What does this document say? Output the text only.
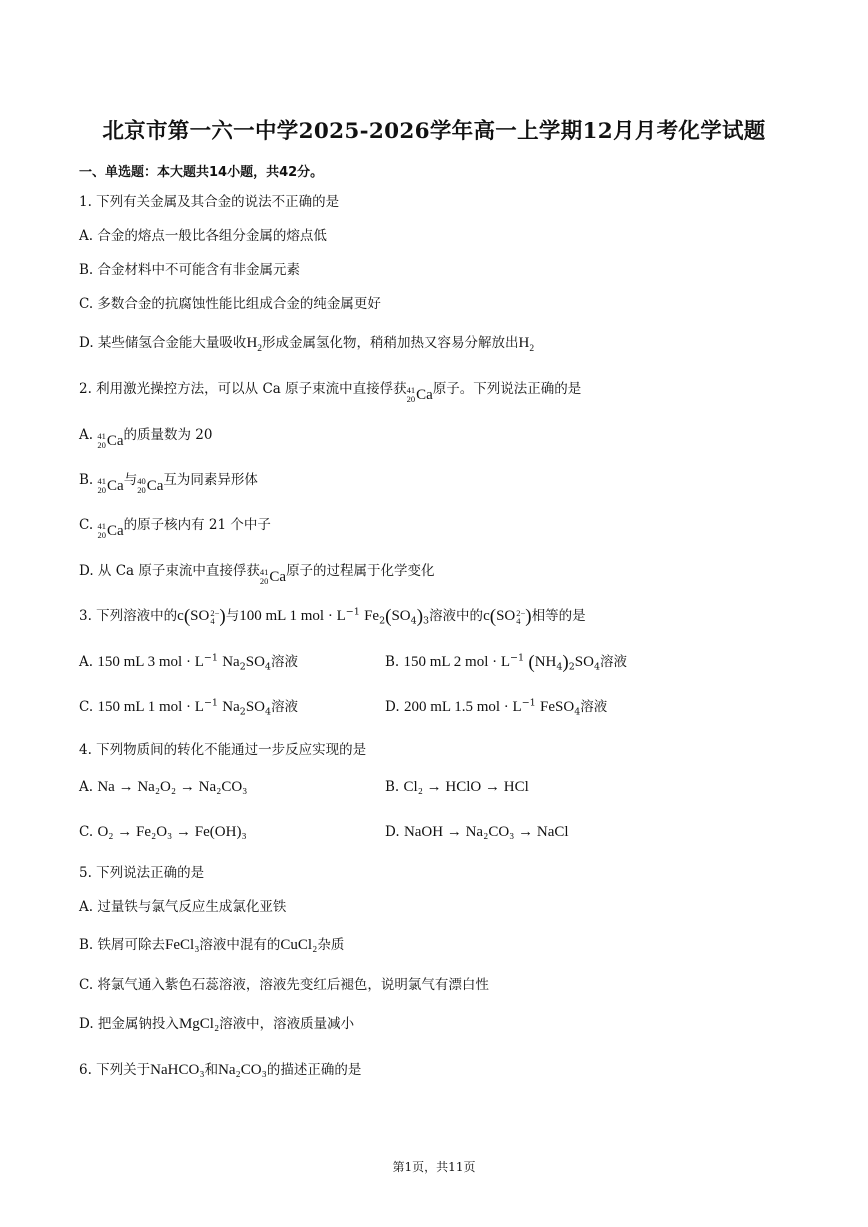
北京市第一六一中学2025-2026学年高一上学期12月月考化学试题
一、单选题：本大题共14小题，共42分。
1. 下列有关金属及其合金的说法不正确的是
A. 合金的熔点一般比各组分金属的熔点低
B. 合金材料中不可能含有非金属元素
C. 多数合金的抗腐蚀性能比组成合金的纯金属更好
D. 某些储氢合金能大量吸收$H_2$形成金属氢化物，稍稍加热又容易分解放出$H_2$
2. 利用激光操控方法，可以从 Ca 原子束流中直接俘获 41
20 Ca 原子。下列说法正确的是
A. 41
20 Ca 的质量数为 20
B. 41
20 Ca 与 40
20 Ca 互为同素异形体
C. 41
20 Ca 的原子核内有 21 个中子
D. 从 Ca 原子束流中直接俘获 41
20 Ca 原子的过程属于化学变化
3. 下列溶液中的c(SO 2−
4 )与100 mL 1 mol · $L^{-1}$ $Fe_2(SO_4)_3$溶液中的c(SO 2−
4 )相等的是
A. 150 mL 3 mol · $L^{-1}$ $Na_2SO_4$溶液	B. 150 mL 2 mol · $L^{-1}$ $(NH_4)_2SO_4$溶液
C. 150 mL 1 mol · $L^{-1}$ $Na_2SO_4$溶液	D. 200 mL 1.5 mol · $L^{-1}$ FeSO$_4$溶液
4. 下列物质间的转化不能通过一步反应实现的是
A. Na → Na₂O₂ → Na₂CO₃	B. Cl₂ → HClO → HCl
C. O₂ → Fe₂O₃ → Fe(OH)₃	D. NaOH → Na₂CO₃ → NaCl
5. 下列说法正确的是
A. 过量铁与氯气反应生成氯化亚铁
B. 铁屑可除去FeCl₃溶液中混有的CuCl₂杂质
C. 将氯气通入紫色石蕊溶液，溶液先变红后褪色，说明氯气有漂白性
D. 把金属钠投入MgCl₂溶液中，溶液质量减小
6. 下列关于NaHCO₃和Na₂CO₃的描述正确的是
第1页，共11页
